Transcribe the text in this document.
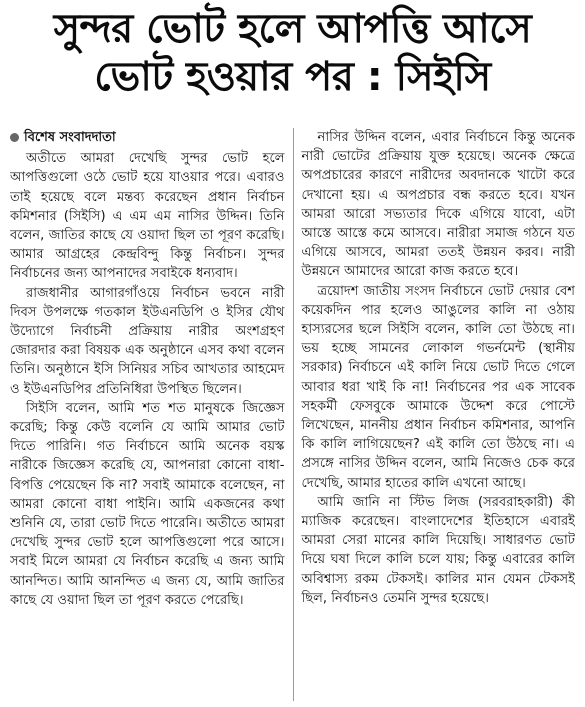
সুন্দর ভোট হলে আপত্তি আসে
ভোট হওয়ার পর : সিইসি
বিশেষ সংবাদদাতা

অতীতে আমরা দেখেছি সুন্দর ভোট হলে আপত্তিগুলো ওঠে ভোট হয়ে যাওয়ার পরে। এবারও তাই হয়েছে বলে মন্তব্য করেছেন প্রধান নির্বাচন কমিশনার (সিইসি) এ এম এম নাসির উদ্দিন। তিনি বলেন, জাতির কাছে যে ওয়াদা ছিল তা পূরণ করেছি। আমার আগ্রহের কেন্দ্রবিন্দু কিন্তু নির্বাচন। সুন্দর নির্বাচনের জন্য আপনাদের সবাইকে ধন্যবাদ।

রাজধানীর আগারগাঁওয়ে নির্বাচন ভবনে নারী দিবস উপলক্ষে গতকাল ইউএনডিপি ও ইসির যৌথ উদ্যোগে নির্বাচনী প্রক্রিয়ায় নারীর অংশগ্রহণ জোরদার করা বিষয়ক এক অনুষ্ঠানে এসব কথা বলেন তিনি। অনুষ্ঠানে ইসি সিনিয়র সচিব আখতার আহমেদ ও ইউএনডিপির প্রতিনিধিরা উপস্থিত ছিলেন।

সিইসি বলেন, আমি শত শত মানুষকে জিজ্ঞেস করেছি; কিন্তু কেউ বলেনি যে আমি আমার ভোট দিতে পারিনি। গত নির্বাচনে আমি অনেক বয়স্ক নারীকে জিজ্ঞেস করেছি যে, আপনারা কোনো বাধা-বিপত্তি পেয়েছেন কি না? সবাই আমাকে বলেছেন, না আমরা কোনো বাধা পাইনি। আমি একজনের কথা শুনিনি যে, তারা ভোট দিতে পারেনি। অতীতে আমরা দেখেছি সুন্দর ভোট হলে আপত্তিগুলো পরে আসে। সবাই মিলে আমরা যে নির্বাচন করেছি এ জন্য আমি আনন্দিত। আমি আনন্দিত এ জন্য যে, আমি জাতির কাছে যে ওয়াদা ছিল তা পূরণ করতে পেরেছি।

নাসির উদ্দিন বলেন, এবার নির্বাচনে কিন্তু অনেক নারী ভোটের প্রক্রিয়ায় যুক্ত হয়েছে। অনেক ক্ষেত্রে অপপ্রচারের কারণে নারীদের অবদানকে খাটো করে দেখানো হয়। এ অপপ্রচার বন্ধ করতে হবে। যখন আমরা আরো সভ্যতার দিকে এগিয়ে যাবো, এটা আস্তে আস্তে কমে আসবে। নারীরা সমাজ গঠনে যত এগিয়ে আসবে, আমরা ততই উন্নয়ন করব। নারী উন্নয়নে আমাদের আরো কাজ করতে হবে।

ত্রয়োদশ জাতীয় সংসদ নির্বাচনে ভোট দেয়ার বেশ কয়েকদিন পার হলেও আঙুলের কালি না ওঠায় হাস্যরসের ছলে সিইসি বলেন, কালি তো উঠছে না। ভয় হচ্ছে সামনের লোকাল গভর্নমেন্ট (স্থানীয় সরকার) নির্বাচনে এই কালি নিয়ে ভোট দিতে গেলে আবার ধরা খাই কি না! নির্বাচনের পর এক সাবেক সহকর্মী ফেসবুকে আমাকে উদ্দেশ করে পোস্টে লিখেছেন, মাননীয় প্রধান নির্বাচন কমিশনার, আপনি কি কালি লাগিয়েছেন? এই কালি তো উঠছে না। এ প্রসঙ্গে নাসির উদ্দিন বলেন, আমি নিজেও চেক করে দেখেছি, আমার হাতের কালি এখনো আছে।

আমি জানি না স্টিভ লিজ (সরবরাহকারী) কী ম্যাজিক করেছেন। বাংলাদেশের ইতিহাসে এবারই আমরা সেরা মানের কালি দিয়েছি। সাধারণত ভোট দিয়ে ঘষা দিলে কালি চলে যায়; কিন্তু এবারের কালি অবিশ্বাস্য রকম টেকসই। কালির মান যেমন টেকসই ছিল, নির্বাচনও তেমনি সুন্দর হয়েছে।
